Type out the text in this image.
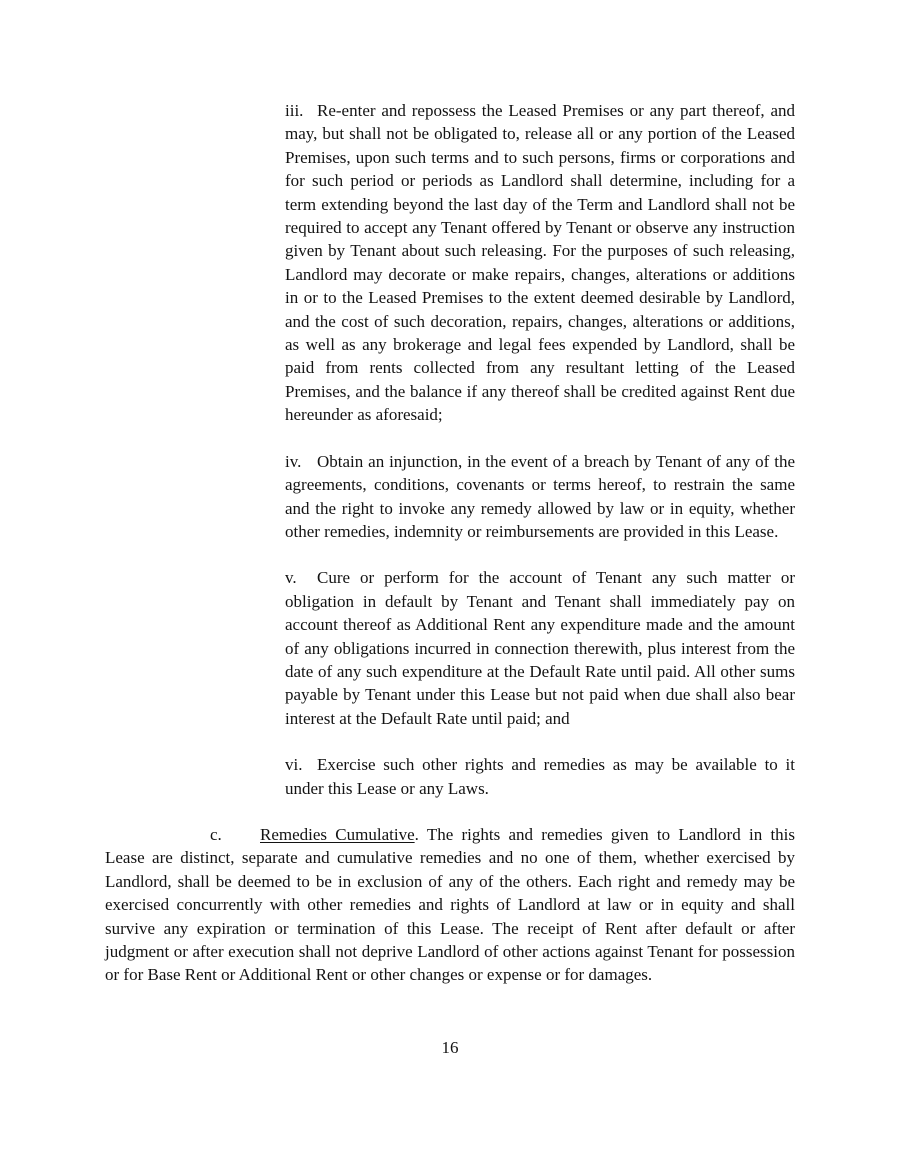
iii. Re-enter and repossess the Leased Premises or any part thereof, and may, but shall not be obligated to, release all or any portion of the Leased Premises, upon such terms and to such persons, firms or corporations and for such period or periods as Landlord shall determine, including for a term extending beyond the last day of the Term and Landlord shall not be required to accept any Tenant offered by Tenant or observe any instruction given by Tenant about such releasing. For the purposes of such releasing, Landlord may decorate or make repairs, changes, alterations or additions in or to the Leased Premises to the extent deemed desirable by Landlord, and the cost of such decoration, repairs, changes, alterations or additions, as well as any brokerage and legal fees expended by Landlord, shall be paid from rents collected from any resultant letting of the Leased Premises, and the balance if any thereof shall be credited against Rent due hereunder as aforesaid;

iv. Obtain an injunction, in the event of a breach by Tenant of any of the agreements, conditions, covenants or terms hereof, to restrain the same and the right to invoke any remedy allowed by law or in equity, whether other remedies, indemnity or reimbursements are provided in this Lease.

v. Cure or perform for the account of Tenant any such matter or obligation in default by Tenant and Tenant shall immediately pay on account thereof as Additional Rent any expenditure made and the amount of any obligations incurred in connection therewith, plus interest from the date of any such expenditure at the Default Rate until paid. All other sums payable by Tenant under this Lease but not paid when due shall also bear interest at the Default Rate until paid; and

vi. Exercise such other rights and remedies as may be available to it under this Lease or any Laws.

c. Remedies Cumulative. The rights and remedies given to Landlord in this Lease are distinct, separate and cumulative remedies and no one of them, whether exercised by Landlord, shall be deemed to be in exclusion of any of the others. Each right and remedy may be exercised concurrently with other remedies and rights of Landlord at law or in equity and shall survive any expiration or termination of this Lease. The receipt of Rent after default or after judgment or after execution shall not deprive Landlord of other actions against Tenant for possession or for Base Rent or Additional Rent or other changes or expense or for damages.

16
